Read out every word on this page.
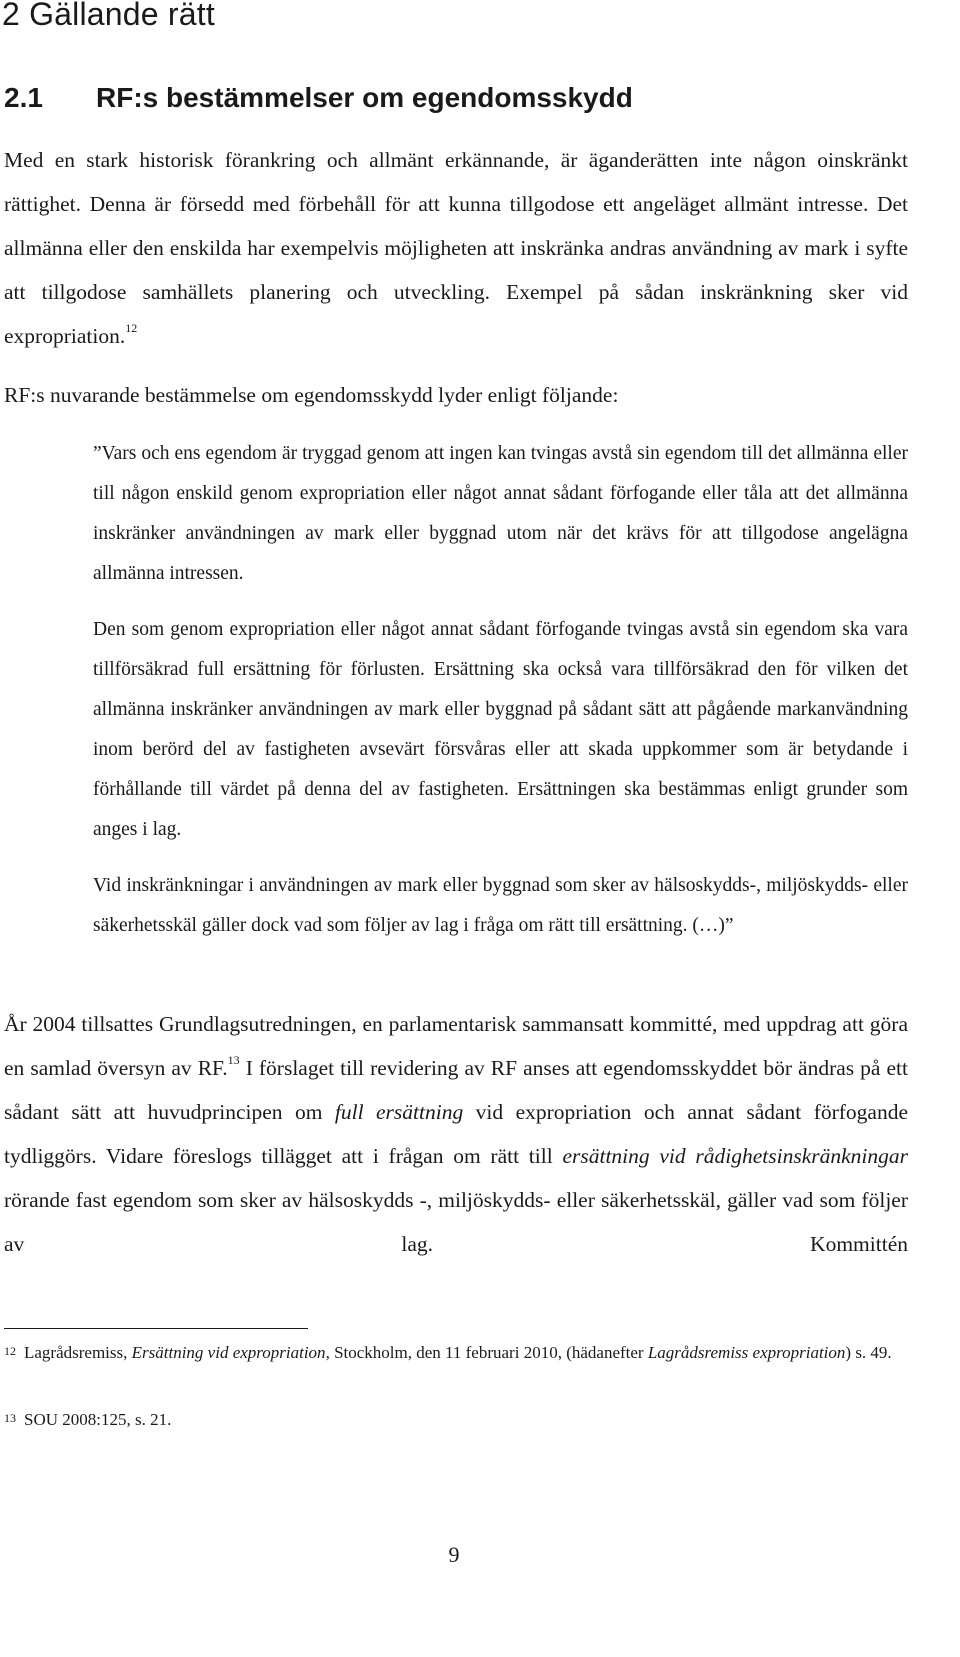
2 Gällande rätt
2.1 RF:s bestämmelser om egendomsskydd

Med en stark historisk förankring och allmänt erkännande, är äganderätten inte någon oinskränkt rättighet. Denna är försedd med förbehåll för att kunna tillgodose ett angeläget allmänt intresse. Det allmänna eller den enskilda har exempelvis möjligheten att inskränka andras användning av mark i syfte att tillgodose samhällets planering och utveckling. Exempel på sådan inskränkning sker vid expropriation.$^{12}$

RF:s nuvarande bestämmelse om egendomsskydd lyder enligt följande:

”Vars och ens egendom är tryggad genom att ingen kan tvingas avstå sin egendom till det allmänna eller till någon enskild genom expropriation eller något annat sådant förfogande eller tåla att det allmänna inskränker användningen av mark eller byggnad utom när det krävs för att tillgodose angelägna allmänna intressen.

Den som genom expropriation eller något annat sådant förfogande tvingas avstå sin egendom ska vara tillförsäkrad full ersättning för förlusten. Ersättning ska också vara tillförsäkrad den för vilken det allmänna inskränker användningen av mark eller byggnad på sådant sätt att pågående markanvändning inom berörd del av fastigheten avsevärt försvåras eller att skada uppkommer som är betydande i förhållande till värdet på denna del av fastigheten. Ersättningen ska bestämmas enligt grunder som anges i lag.

Vid inskränkningar i användningen av mark eller byggnad som sker av hälsoskydds-, miljöskydds- eller säkerhetsskäl gäller dock vad som följer av lag i fråga om rätt till ersättning. (…)”

År 2004 tillsattes Grundlagsutredningen, en parlamentarisk sammansatt kommitté, med uppdrag att göra en samlad översyn av RF.$^{13}$ I förslaget till revidering av RF anses att egendomsskyddet bör ändras på ett sådant sätt att huvudprincipen om full ersättning vid expropriation och annat sådant förfogande tydliggörs. Vidare föreslogs tillägget att i frågan om rätt till ersättning vid rådighetsinskränkningar rörande fast egendom som sker av hälsoskydds -, miljöskydds- eller säkerhetsskäl, gäller vad som följer av lag. Kommittén

12 Lagrådsremiss, Ersättning vid expropriation, Stockholm, den 11 februari 2010, (hädanefter Lagrådsremiss expropriation) s. 49.

13 SOU 2008:125, s. 21.

9
